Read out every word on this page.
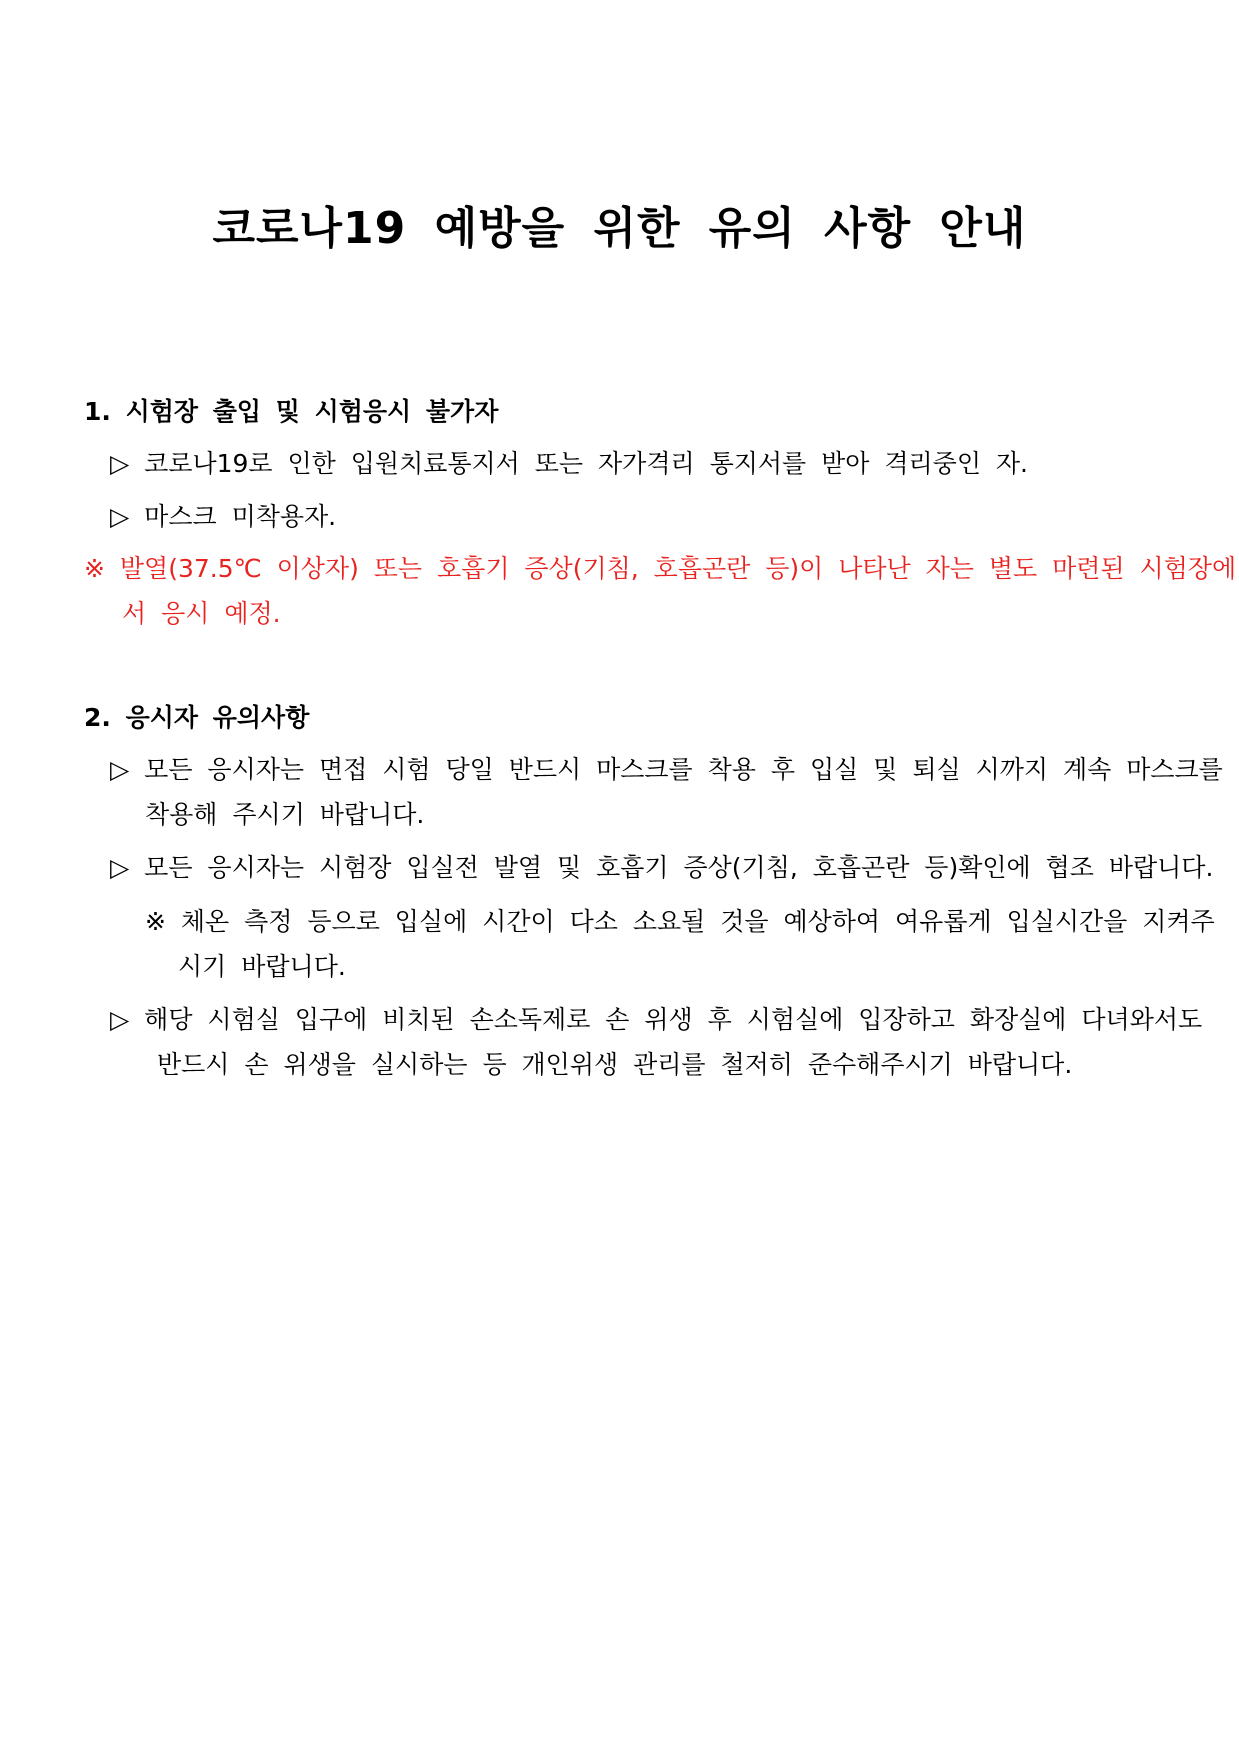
코로나19 예방을 위한 유의 사항 안내
1. 시험장 출입 및 시험응시 불가자
▷ 코로나19로 인한 입원치료통지서 또는 자가격리 통지서를 받아 격리중인 자.
▷ 마스크 미착용자.
※ 발열(37.5℃ 이상자) 또는 호흡기 증상(기침, 호흡곤란 등)이 나타난 자는 별도 마련된 시험장에
서 응시 예정.
2. 응시자 유의사항
▷ 모든 응시자는 면접 시험 당일 반드시 마스크를 착용 후 입실 및 퇴실 시까지 계속 마스크를
착용해 주시기 바랍니다.
▷ 모든 응시자는 시험장 입실전 발열 및 호흡기 증상(기침, 호흡곤란 등)확인에 협조 바랍니다.
※ 체온 측정 등으로 입실에 시간이 다소 소요될 것을 예상하여 여유롭게 입실시간을 지켜주
시기 바랍니다.
▷ 해당 시험실 입구에 비치된 손소독제로 손 위생 후 시험실에 입장하고 화장실에 다녀와서도
반드시 손 위생을 실시하는 등 개인위생 관리를 철저히 준수해주시기 바랍니다.
